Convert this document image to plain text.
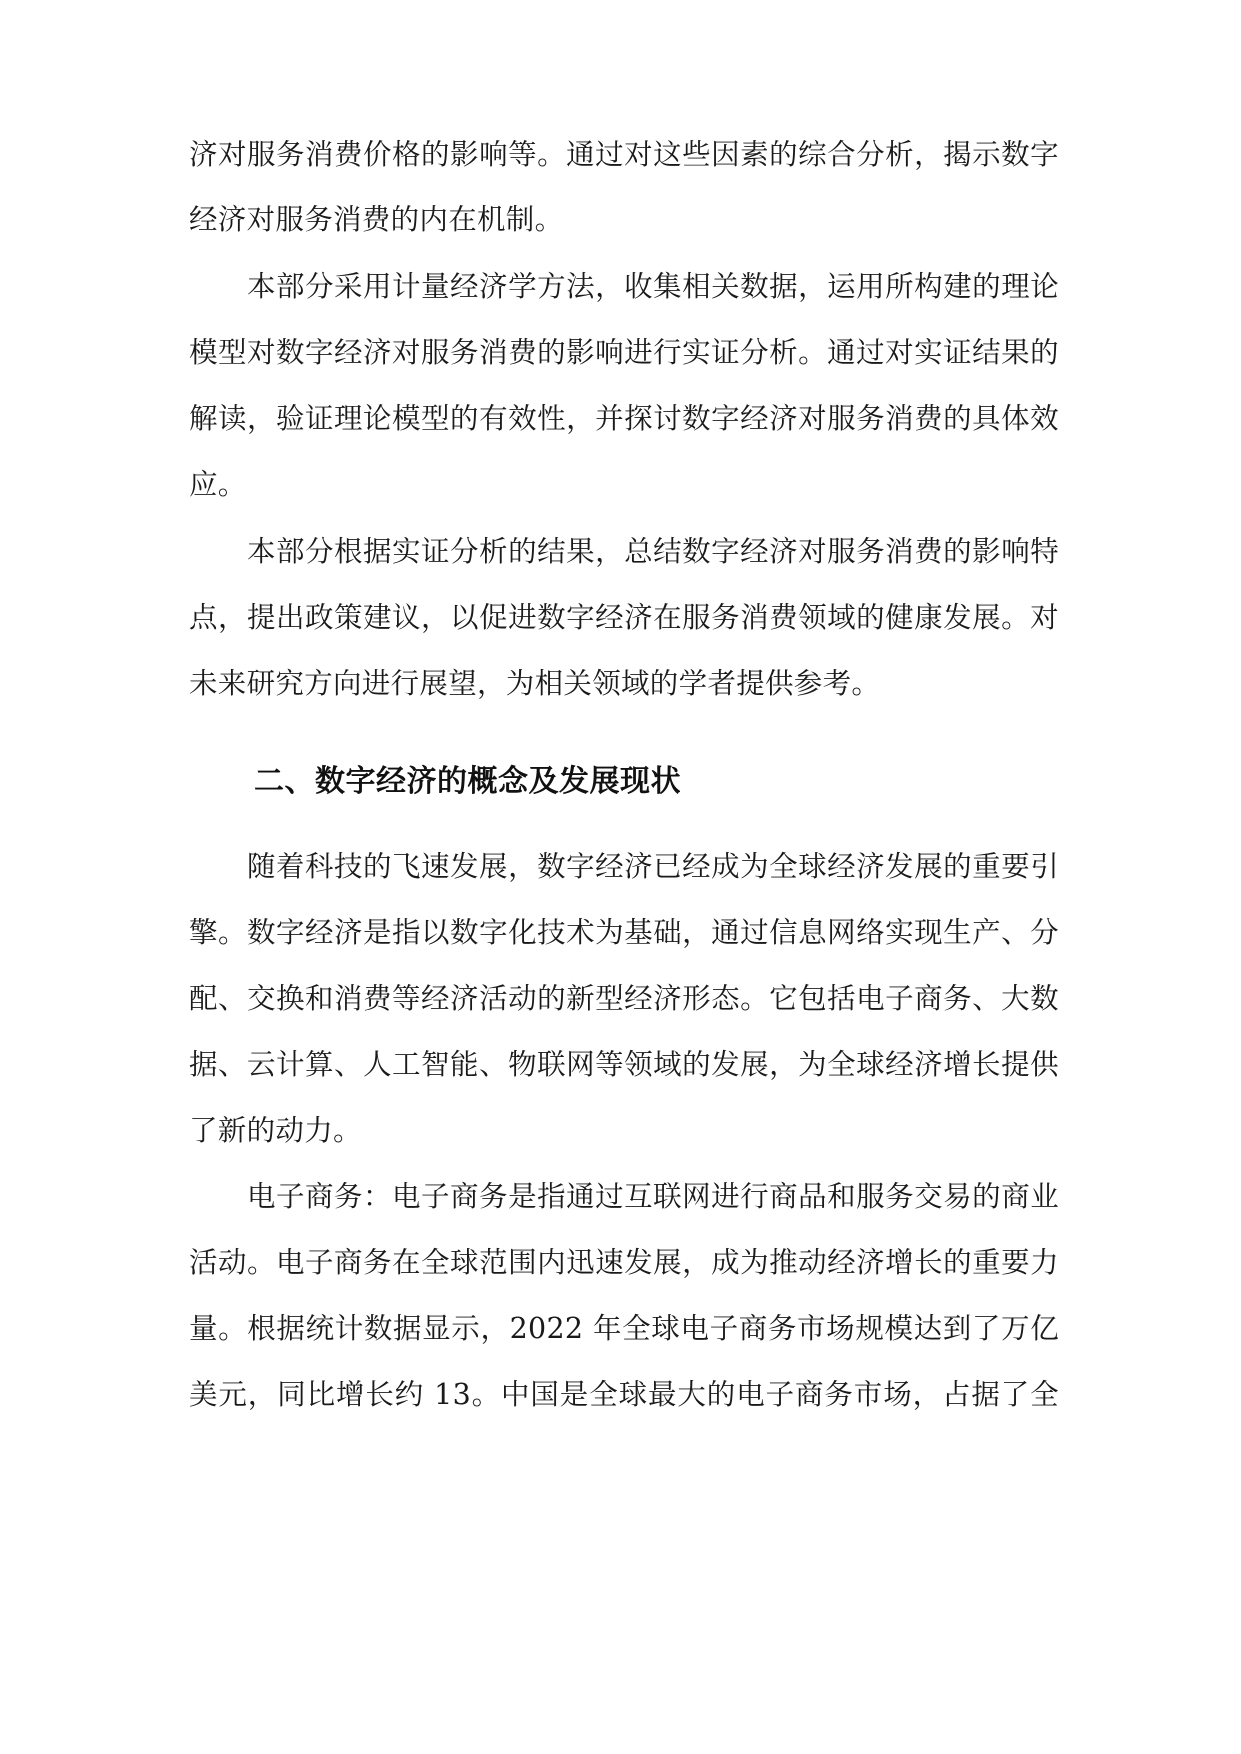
济对服务消费价格的影响等。通过对这些因素的综合分析，揭示数字
经济对服务消费的内在机制。
本部分采用计量经济学方法，收集相关数据，运用所构建的理论
模型对数字经济对服务消费的影响进行实证分析。通过对实证结果的
解读，验证理论模型的有效性，并探讨数字经济对服务消费的具体效
应。
本部分根据实证分析的结果，总结数字经济对服务消费的影响特
点，提出政策建议，以促进数字经济在服务消费领域的健康发展。对
未来研究方向进行展望，为相关领域的学者提供参考。
二、数字经济的概念及发展现状
随着科技的飞速发展，数字经济已经成为全球经济发展的重要引
擎。数字经济是指以数字化技术为基础，通过信息网络实现生产、分
配、交换和消费等经济活动的新型经济形态。它包括电子商务、大数
据、云计算、人工智能、物联网等领域的发展，为全球经济增长提供
了新的动力。
电子商务：电子商务是指通过互联网进行商品和服务交易的商业
活动。电子商务在全球范围内迅速发展，成为推动经济增长的重要力
量。根据统计数据显示，2022 年全球电子商务市场规模达到了万亿
美元，同比增长约 13。中国是全球最大的电子商务市场，占据了全
